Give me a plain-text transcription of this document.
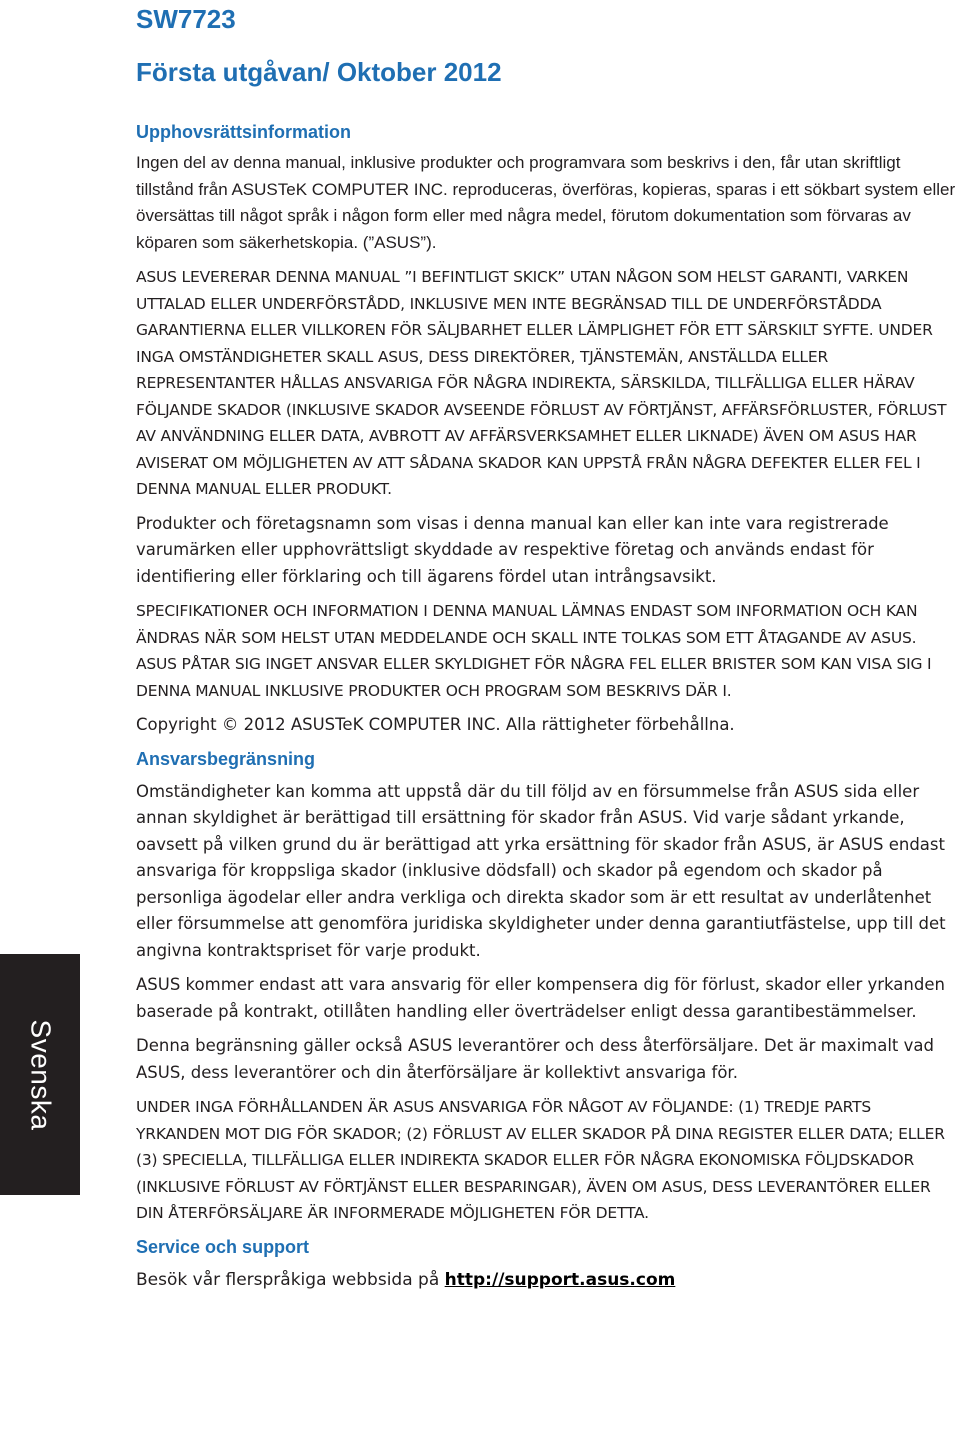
SW7723
Första utgåvan/ Oktober 2012
Upphovsrättsinformation

Ingen del av denna manual, inklusive produkter och programvara som beskrivs i den, får utan skriftligt tillstånd från ASUSTeK COMPUTER INC. reproduceras, överföras, kopieras, sparas i ett sökbart system eller översättas till något språk i någon form eller med några medel, förutom dokumentation som förvaras av köparen som säkerhetskopia. (”ASUS”).

ASUS LEVERERAR DENNA MANUAL ”I BEFINTLIGT SKICK” UTAN NÅGON SOM HELST GARANTI, VARKEN UTTALAD ELLER UNDERFÖRSTÅDD, INKLUSIVE MEN INTE BEGRÄNSAD TILL DE UNDERFÖRSTÅDDA GARANTIERNA ELLER VILLKOREN FÖR SÄLJBARHET ELLER LÄMPLIGHET FÖR ETT SÄRSKILT SYFTE. UNDER INGA OMSTÄNDIGHETER SKALL ASUS, DESS DIREKTÖRER, TJÄNSTEMÄN, ANSTÄLLDA ELLER REPRESENTANTER HÅLLAS ANSVARIGA FÖR NÅGRA INDIREKTA, SÄRSKILDA, TILLFÄLLIGA ELLER HÄRAV FÖLJANDE SKADOR (INKLUSIVE SKADOR AVSEENDE FÖRLUST AV FÖRTJÄNST, AFFÄRSFÖRLUSTER, FÖRLUST AV ANVÄNDNING ELLER DATA, AVBROTT AV AFFÄRSVERKSAMHET ELLER LIKNADE) ÄVEN OM ASUS HAR AVISERAT OM MÖJLIGHETEN AV ATT SÅDANA SKADOR KAN UPPSTÅ FRÅN NÅGRA DEFEKTER ELLER FEL I DENNA MANUAL ELLER PRODUKT.

Produkter och företagsnamn som visas i denna manual kan eller kan inte vara registrerade varumärken eller upphovrättsligt skyddade av respektive företag och används endast för identifiering eller förklaring och till ägarens fördel utan intrångsavsikt.

SPECIFIKATIONER OCH INFORMATION I DENNA MANUAL LÄMNAS ENDAST SOM INFORMATION OCH KAN ÄNDRAS NÄR SOM HELST UTAN MEDDELANDE OCH SKALL INTE TOLKAS SOM ETT ÅTAGANDE AV ASUS. ASUS PÅTAR SIG INGET ANSVAR ELLER SKYLDIGHET FÖR NÅGRA FEL ELLER BRISTER SOM KAN VISA SIG I DENNA MANUAL INKLUSIVE PRODUKTER OCH PROGRAM SOM BESKRIVS DÄR I.

Copyright © 2012 ASUSTeK COMPUTER INC. Alla rättigheter förbehållna.

Ansvarsbegränsning

Omständigheter kan komma att uppstå där du till följd av en försummelse från ASUS sida eller annan skyldighet är berättigad till ersättning för skador från ASUS. Vid varje sådant yrkande, oavsett på vilken grund du är berättigad att yrka ersättning för skador från ASUS, är ASUS endast ansvariga för kroppsliga skador (inklusive dödsfall) och skador på egendom och skador på personliga ägodelar eller andra verkliga och direkta skador som är ett resultat av underlåtenhet eller försummelse att genomföra juridiska skyldigheter under denna garantiutfästelse, upp till det angivna kontraktspriset för varje produkt.

ASUS kommer endast att vara ansvarig för eller kompensera dig för förlust, skador eller yrkanden baserade på kontrakt, otillåten handling eller överträdelser enligt dessa garantibestämmelser.

Denna begränsning gäller också ASUS leverantörer och dess återförsäljare. Det är maximalt vad ASUS, dess leverantörer och din återförsäljare är kollektivt ansvariga för.

UNDER INGA FÖRHÅLLANDEN ÄR ASUS ANSVARIGA FÖR NÅGOT AV FÖLJANDE: (1) TREDJE PARTS YRKANDEN MOT DIG FÖR SKADOR; (2) FÖRLUST AV ELLER SKADOR PÅ DINA REGISTER ELLER DATA; ELLER (3) SPECIELLA, TILLFÄLLIGA ELLER INDIREKTA SKADOR ELLER FÖR NÅGRA EKONOMISKA FÖLJDSKADOR (INKLUSIVE FÖRLUST AV FÖRTJÄNST ELLER BESPARINGAR), ÄVEN OM ASUS, DESS LEVERANTÖRER ELLER DIN ÅTERFÖRSÄLJARE ÄR INFORMERADE MÖJLIGHETEN FÖR DETTA.

Service och support

Besök vår flerspråkiga webbsida på http://support.asus.com

Svenska
